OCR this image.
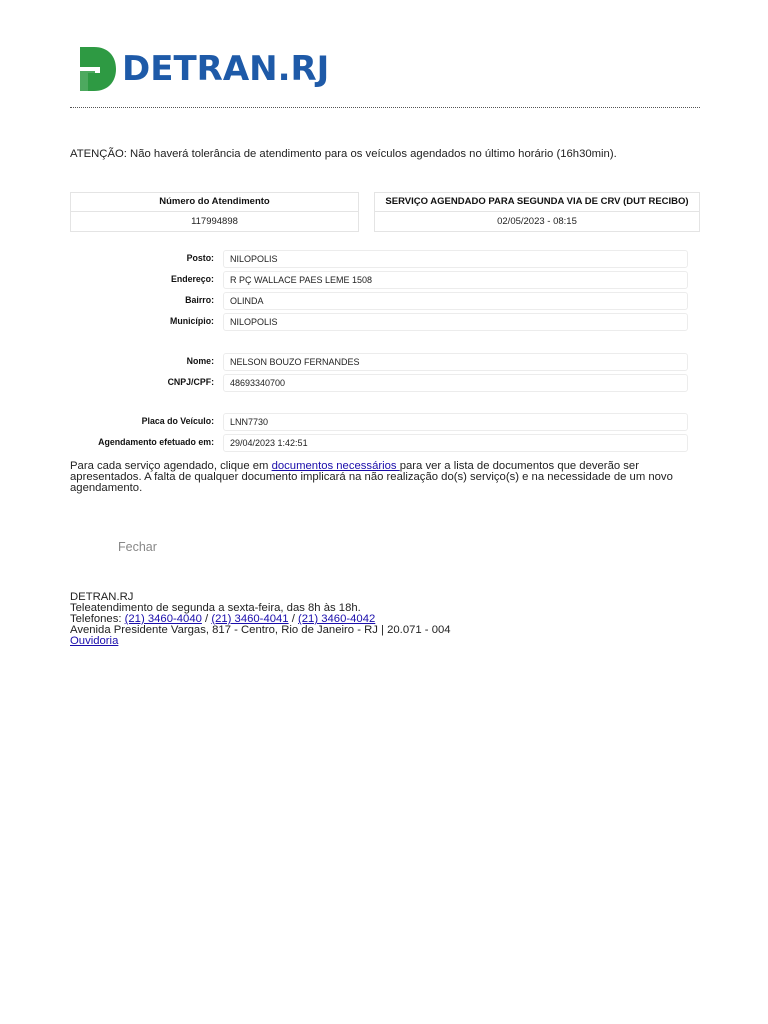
DETRAN.RJ
ATENÇÃO: Não haverá tolerância de atendimento para os veículos agendados no último horário (16h30min).
Número do Atendimento
117994898
SERVIÇO AGENDADO PARA SEGUNDA VIA DE CRV (DUT RECIBO)
02/05/2023 - 08:15
Posto:	NILOPOLIS
Endereço:	R PÇ WALLACE PAES LEME 1508
Bairro:	OLINDA
Município:	NILOPOLIS
Nome:	NELSON BOUZO FERNANDES
CNPJ/CPF:	48693340700
Placa do Veículo:	LNN7730
Agendamento efetuado em:	29/04/2023 1:42:51
Para cada serviço agendado, clique em documentos necessários para ver a lista de documentos que deverão ser apresentados. A falta de qualquer documento implicará na não realização do(s) serviço(s) e na necessidade de um novo agendamento.
Fechar
DETRAN.RJ
Teleatendimento de segunda a sexta-feira, das 8h às 18h.
Telefones: (21) 3460-4040 / (21) 3460-4041 / (21) 3460-4042
Avenida Presidente Vargas, 817 - Centro, Rio de Janeiro - RJ | 20.071 - 004
Ouvidoria
